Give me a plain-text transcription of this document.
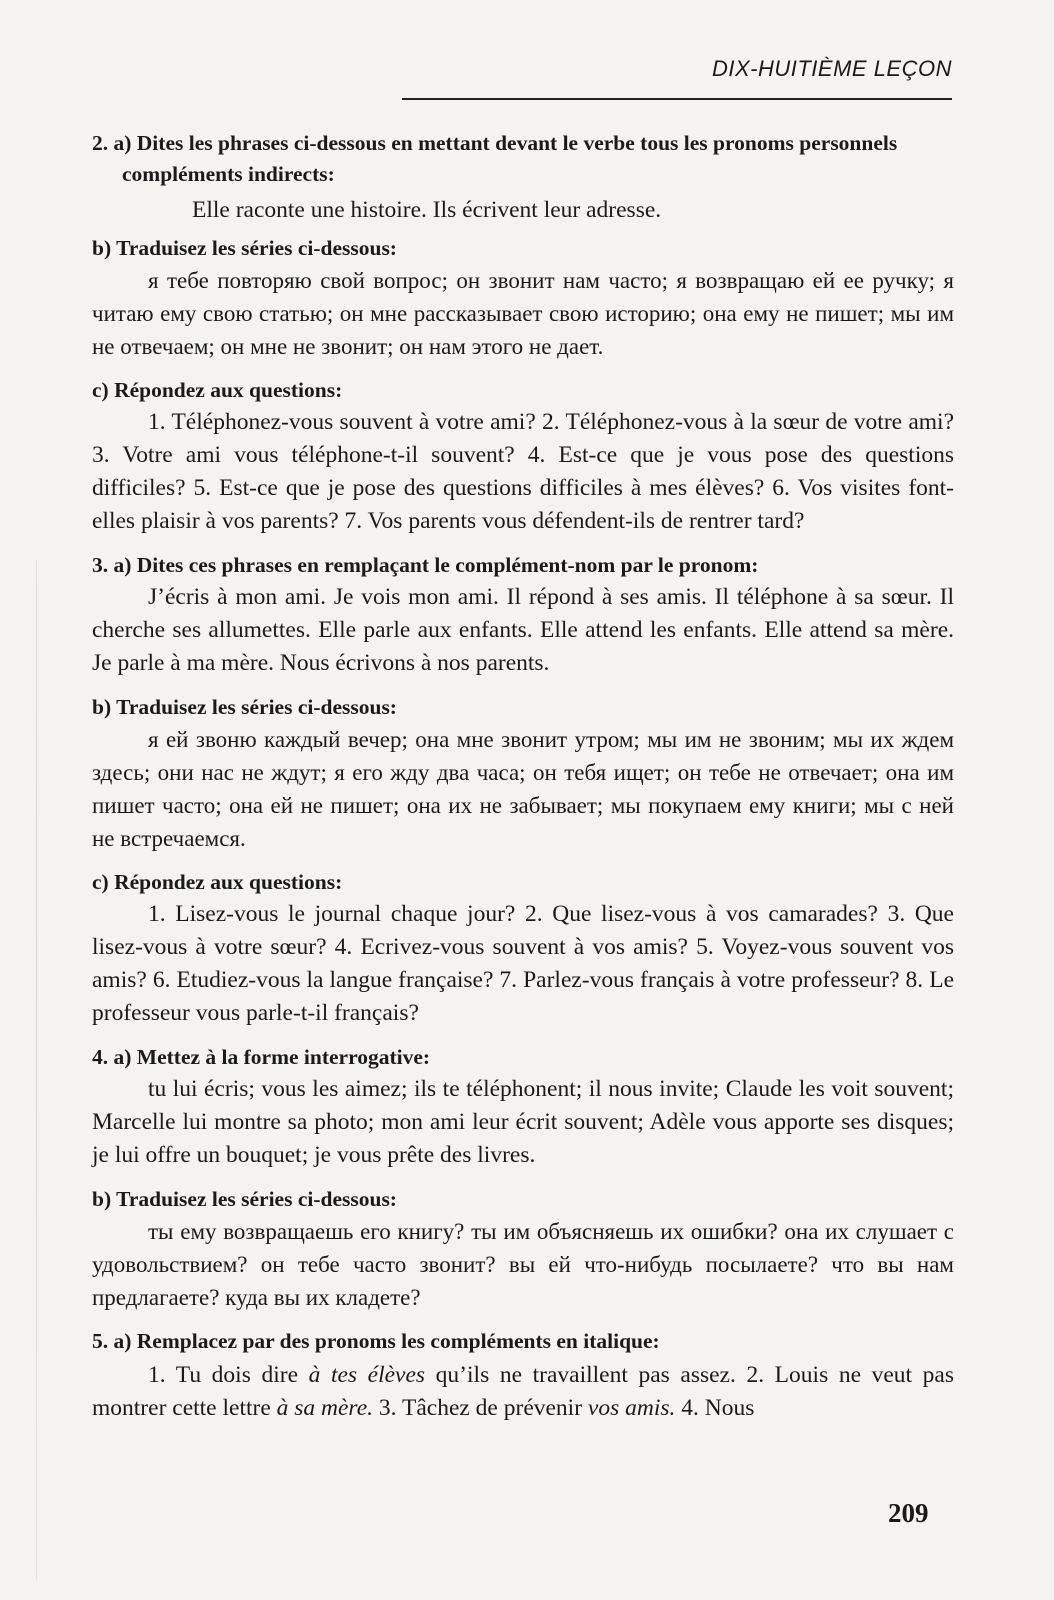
DIX-HUITIÈME LEÇON

2. a) Dites les phrases ci-dessous en mettant devant le verbe tous les pronoms personnels compléments indirects:

Elle raconte une histoire. Ils écrivent leur adresse.

b) Traduisez les séries ci-dessous:

я тебе повторяю свой вопрос; он звонит нам часто; я возвращаю ей ее ручку; я читаю ему свою статью; он мне рассказывает свою историю; она ему не пишет; мы им не отвечаем; он мне не звонит; он нам этого не дает.

c) Répondez aux questions:

1. Téléphonez-vous souvent à votre ami? 2. Téléphonez-vous à la sœur de votre ami? 3. Votre ami vous téléphone-t-il souvent? 4. Est-ce que je vous pose des questions difficiles? 5. Est-ce que je pose des questions difficiles à mes élèves? 6. Vos visites font-elles plaisir à vos parents? 7. Vos parents vous défendent-ils de rentrer tard?

3. a) Dites ces phrases en remplaçant le complément-nom par le pronom:

J’écris à mon ami. Je vois mon ami. Il répond à ses amis. Il téléphone à sa sœur. Il cherche ses allumettes. Elle parle aux enfants. Elle attend les enfants. Elle attend sa mère. Je parle à ma mère. Nous écrivons à nos parents.

b) Traduisez les séries ci-dessous:

я ей звоню каждый вечер; она мне звонит утром; мы им не звоним; мы их ждем здесь; они нас не ждут; я его жду два часа; он тебя ищет; он тебе не отвечает; она им пишет часто; она ей не пишет; она их не забывает; мы покупаем ему книги; мы с ней не встречаемся.

c) Répondez aux questions:

1. Lisez-vous le journal chaque jour? 2. Que lisez-vous à vos camarades? 3. Que lisez-vous à votre sœur? 4. Ecrivez-vous souvent à vos amis? 5. Voyez-vous souvent vos amis? 6. Etudiez-vous la langue française? 7. Parlez-vous français à votre professeur? 8. Le professeur vous parle-t-il français?

4. a) Mettez à la forme interrogative:

tu lui écris; vous les aimez; ils te téléphonent; il nous invite; Claude les voit souvent; Marcelle lui montre sa photo; mon ami leur écrit souvent; Adèle vous apporte ses disques; je lui offre un bouquet; je vous prête des livres.

b) Traduisez les séries ci-dessous:

ты ему возвращаешь его книгу? ты им объясняешь их ошибки? она их слушает с удовольствием? он тебе часто звонит? вы ей что-нибудь посылаете? что вы нам предлагаете? куда вы их кладете?

5. a) Remplacez par des pronoms les compléments en italique:

1. Tu dois dire à tes élèves qu’ils ne travaillent pas assez. 2. Louis ne veut pas montrer cette lettre à sa mère. 3. Tâchez de prévenir vos amis. 4. Nous

209
